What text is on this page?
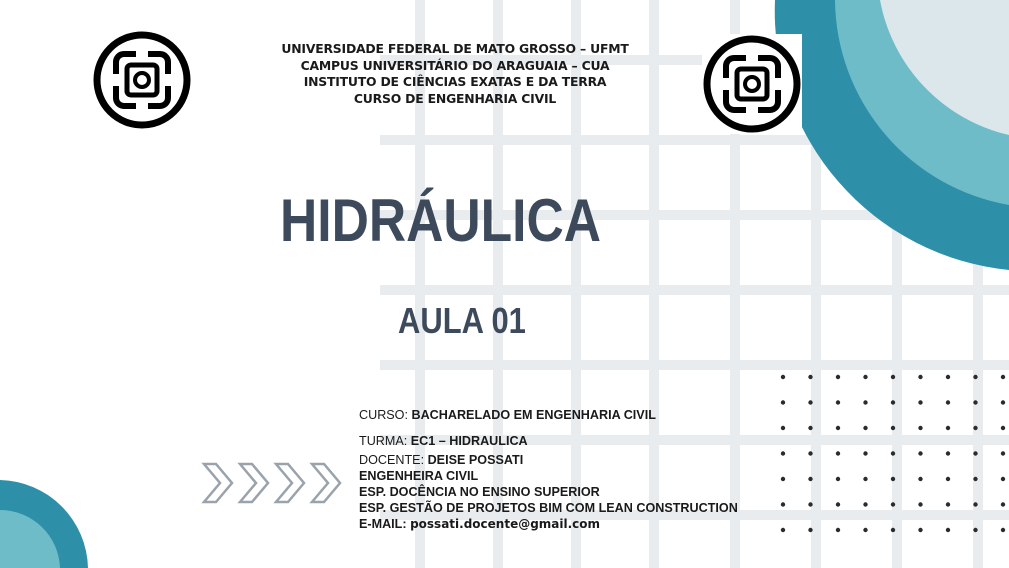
UNIVERSIDADE FEDERAL DE MATO GROSSO – UFMT
CAMPUS UNIVERSITÁRIO DO ARAGUAIA – CUA
INSTITUTO DE CIÊNCIAS EXATAS E DA TERRA
CURSO DE ENGENHARIA CIVIL
HIDRÁULICA
AULA 01
CURSO: BACHARELADO EM ENGENHARIA CIVIL
TURMA: EC1 – HIDRAULICA
DOCENTE: DEISE POSSATI
ENGENHEIRA CIVIL
ESP. DOCÊNCIA NO ENSINO SUPERIOR
ESP. GESTÃO DE PROJETOS BIM COM LEAN CONSTRUCTION
E-MAIL: possati.docente@gmail.com
